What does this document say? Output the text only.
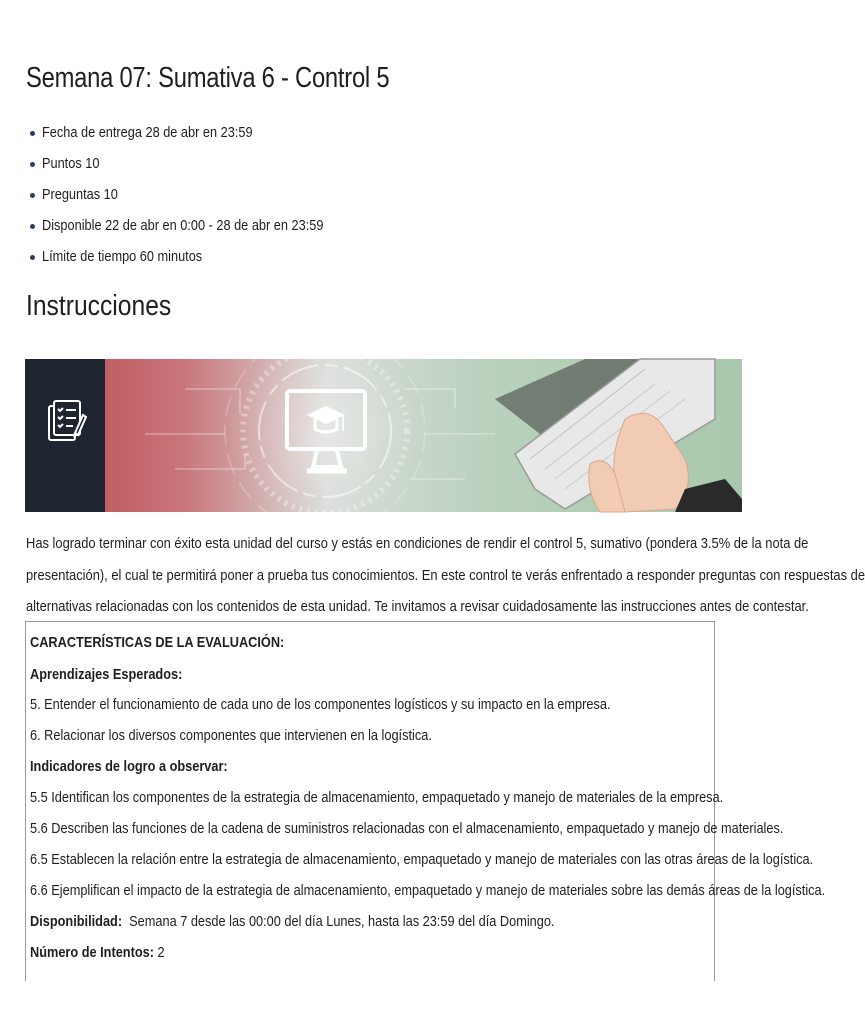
Semana 07: Sumativa 6 - Control 5
Fecha de entrega 28 de abr en 23:59
Puntos 10
Preguntas 10
Disponible 22 de abr en 0:00 - 28 de abr en 23:59
Límite de tiempo 60 minutos
Instrucciones
Has logrado terminar con éxito esta unidad del curso y estás en condiciones de rendir el control 5, sumativo (pondera 3.5% de la nota de
presentación), el cual te permitirá poner a prueba tus conocimientos. En este control te verás enfrentado a responder preguntas con respuestas de
alternativas relacionadas con los contenidos de esta unidad. Te invitamos a revisar cuidadosamente las instrucciones antes de contestar.
CARACTERÍSTICAS DE LA EVALUACIÓN:
Aprendizajes Esperados:
5. Entender el funcionamiento de cada uno de los componentes logísticos y su impacto en la empresa.
6. Relacionar los diversos componentes que intervienen en la logística.
Indicadores de logro a observar:
5.5 Identifican los componentes de la estrategia de almacenamiento, empaquetado y manejo de materiales de la empresa.
5.6 Describen las funciones de la cadena de suministros relacionadas con el almacenamiento, empaquetado y manejo de materiales.
6.5 Establecen la relación entre la estrategia de almacenamiento, empaquetado y manejo de materiales con las otras áreas de la logística.
6.6 Ejemplifican el impacto de la estrategia de almacenamiento, empaquetado y manejo de materiales sobre las demás áreas de la logística.
Disponibilidad: Semana 7 desde las 00:00 del día Lunes, hasta las 23:59 del día Domingo.
Número de Intentos: 2
